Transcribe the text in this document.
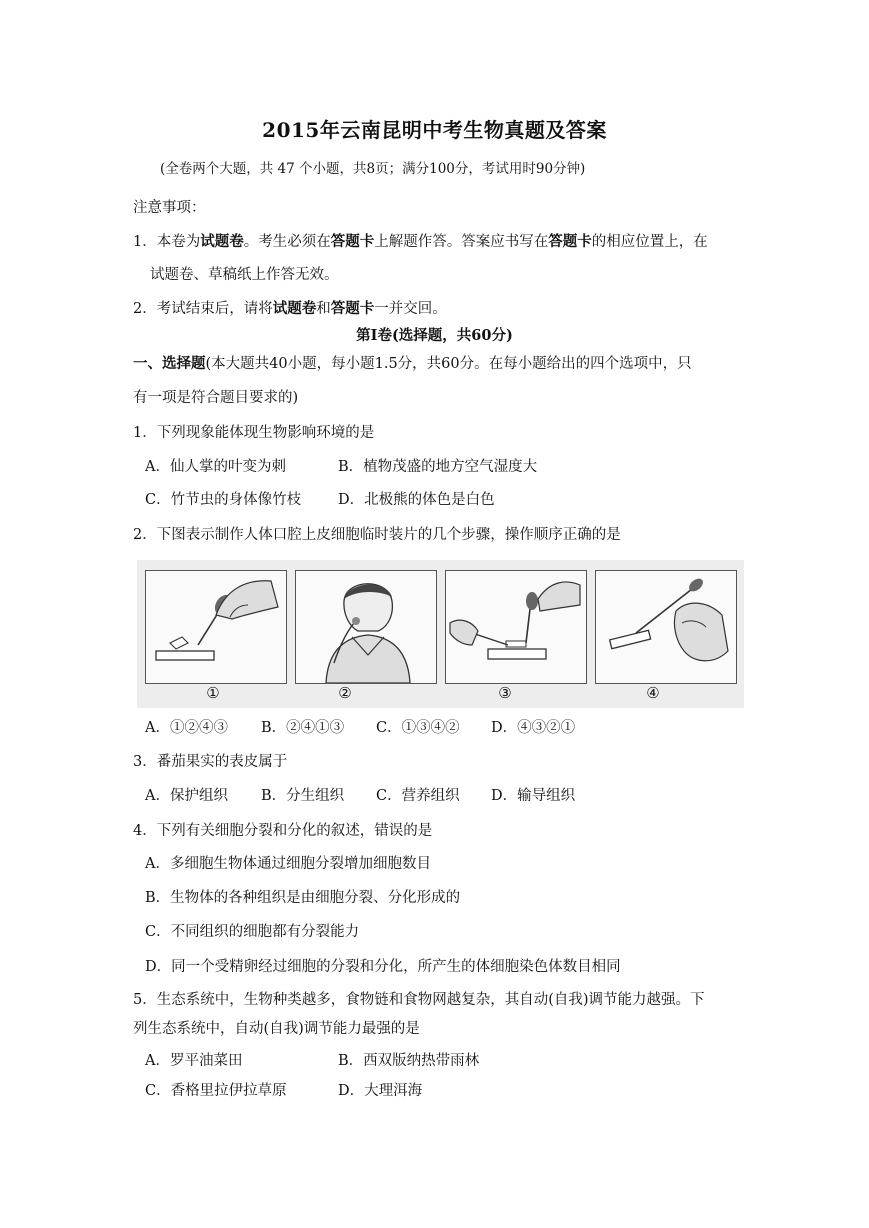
2015年云南昆明中考生物真题及答案
(全卷两个大题，共 47 个小题，共8页；满分100分，考试用时90分钟)
注意事项：
1．本卷为试题卷。考生必须在答题卡上解题作答。答案应书写在答题卡的相应位置上，在
试题卷、草稿纸上作答无效。
2．考试结束后，请将试题卷和答题卡一并交回。
第Ⅰ卷(选择题，共60分)
一、选择题(本大题共40小题，每小题1.5分，共60分。在每小题给出的四个选项中，只
有一项是符合题目要求的)
1．下列现象能体现生物影响环境的是
A．仙人掌的叶变为刺	B．植物茂盛的地方空气湿度大
C．竹节虫的身体像竹枝	D．北极熊的体色是白色
2．下图表示制作人体口腔上皮细胞临时装片的几个步骤，操作顺序正确的是
①	②	③	④
A．①②④③ B．②④①③ C．①③④② D．④③②①
3．番茄果实的表皮属于
A．保护组织 B．分生组织 C．营养组织 D．输导组织
4．下列有关细胞分裂和分化的叙述，错误的是
A．多细胞生物体通过细胞分裂增加细胞数目
B．生物体的各种组织是由细胞分裂、分化形成的
C．不同组织的细胞都有分裂能力
D．同一个受精卵经过细胞的分裂和分化，所产生的体细胞染色体数目相同
5．生态系统中，生物种类越多，食物链和食物网越复杂，其自动(自我)调节能力越强。下
列生态系统中，自动(自我)调节能力最强的是
A．罗平油菜田	B．西双版纳热带雨林
C．香格里拉伊拉草原	D．大理洱海
